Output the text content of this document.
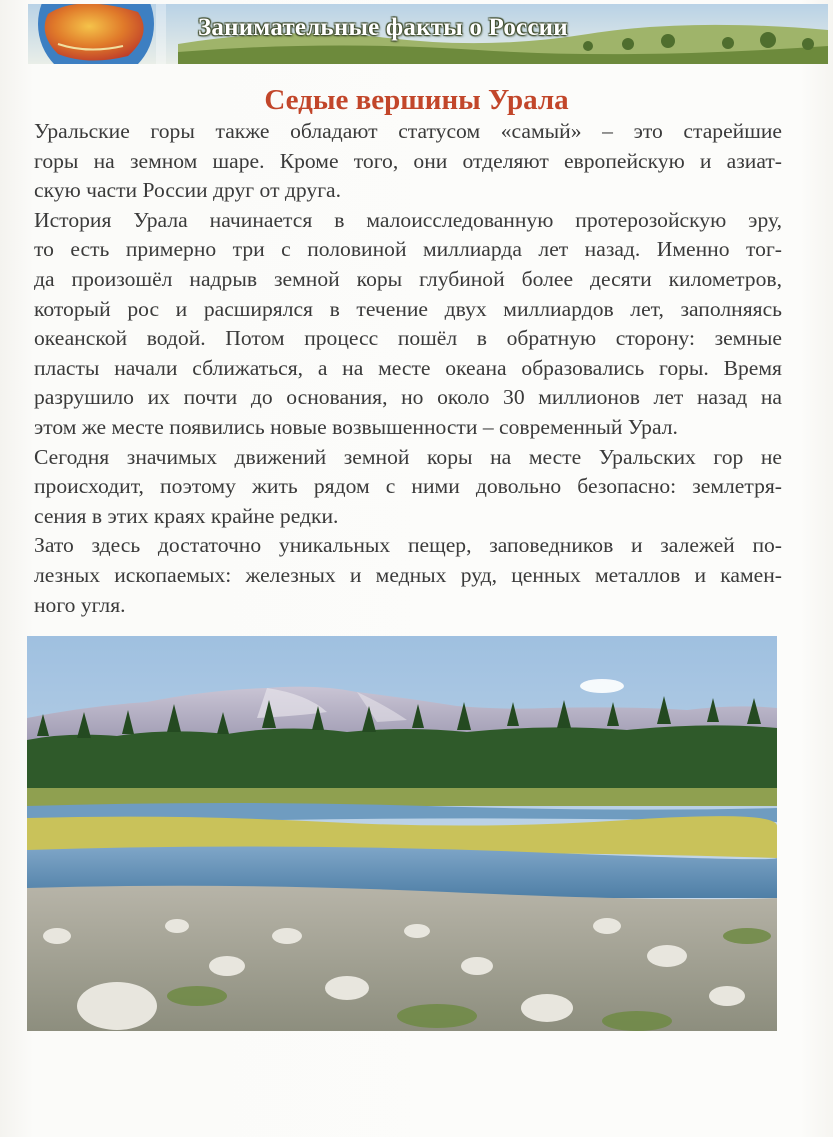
Занимательные факты о России
Седые вершины Урала

Уральские горы также обладают статусом «самый» – это старейшие
горы на земном шаре. Кроме того, они отделяют европейскую и азиат-
скую части России друг от друга.

История Урала начинается в малоисследованную протерозойскую эру,
то есть примерно три с половиной миллиарда лет назад. Именно тог-
да произошёл надрыв земной коры глубиной более десяти километров,
который рос и расширялся в течение двух миллиардов лет, заполняясь
океанской водой. Потом процесс пошёл в обратную сторону: земные
пласты начали сближаться, а на месте океана образовались горы. Время
разрушило их почти до основания, но около 30 миллионов лет назад на
этом же месте появились новые возвышенности – современный Урал.

Сегодня значимых движений земной коры на месте Уральских гор не
происходит, поэтому жить рядом с ними довольно безопасно: землетря-
сения в этих краях крайне редки.

Зато здесь достаточно уникальных пещер, заповедников и залежей по-
лезных ископаемых: железных и медных руд, ценных металлов и камен-
ного угля.
